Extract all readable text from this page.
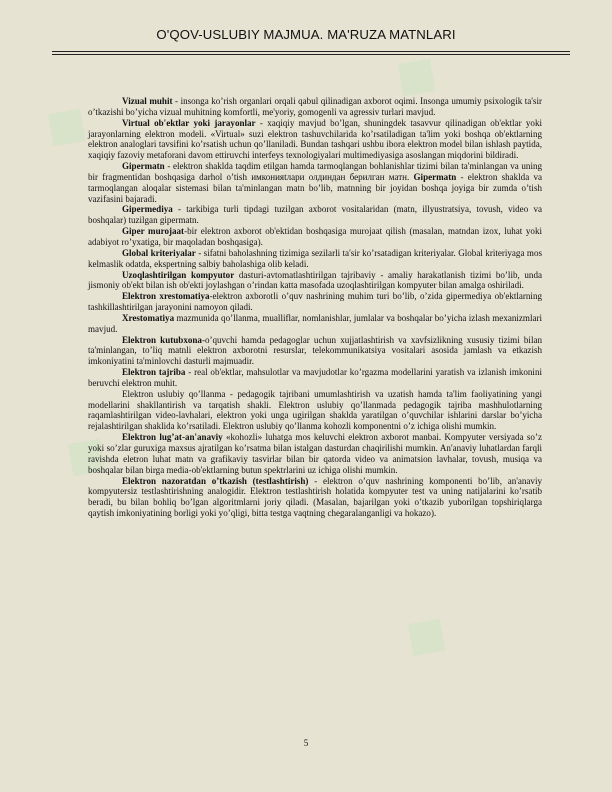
◆
◆
◆
◆
O'QOV-USLUBIY MAJMUA. MA'RUZA MATNLARI

Vizual muhit - insonga ko’rish organlari orqali qabul qilinadigan axborot oqimi. Insonga umumiy psixologik ta'sir o’tkazishi bo’yicha vizual muhitning komfortli, me'yoriy, gomogenli va agressiv turlari mavjud.

Virtual ob'ektlar yoki jarayonlar - xaqiqiy mavjud bo’lgan, shuningdek tasavvur qilinadigan ob'ektlar yoki jarayonlarning elektron modeli. «Virtual» suzi elektron tashuvchilarida ko’rsatiladigan ta'lim yoki boshqa ob'ektlarning elektron analoglari tavsifini ko’rsatish uchun qo’llaniladi. Bundan tashqari ushbu ibora elektron model bilan ishlash paytida, xaqiqiy fazoviy metaforani davom ettiruvchi interfeys texnologiyalari multimediyasiga asoslangan miqdorini bildiradi.

Gipermatn - elektron shaklda taqdim etilgan hamda tarmoqlangan bohlanishlar tizimi bilan ta'minlangan va uning bir fragmentidan boshqasiga darhol o’tish имконияtлари олдиндан берилган матн. Gipermatn - elektron shaklda va tarmoqlangan aloqalar sistemasi bilan ta'minlangan matn bo’lib, matnning bir joyidan boshqa joyiga bir zumda o’tish vazifasini bajaradi.

Gipermediya - tarkibiga turli tipdagi tuzilgan axborot vositalaridan (matn, illyustratsiya, tovush, video va boshqalar) tuzilgan gipermatn.

Giper murojaat-bir elektron axborot ob'ektidan boshqasiga murojaat qilish (masalan, matndan izox, luhat yoki adabiyot ro’yxatiga, bir maqoladan boshqasiga).

Global kriteriyalar - sifatni baholashning tizimiga sezilarli ta'sir ko’rsatadigan kriteriyalar. Global kriteriyaga mos kelmaslik odatda, ekspertning salbiy baholashiga olib keladi.

Uzoqlashtirilgan kompyutor dasturi-avtomatlashtirilgan tajribaviy - amaliy harakatlanish tizimi bo’lib, unda jismoniy ob'ekt bilan ish ob'ekti joylashgan o’rindan katta masofada uzoqlashtirilgan kompyuter bilan amalga oshiriladi.

Elektron xrestomatiya-elektron axborotli o’quv nashrining muhim turi bo’lib, o’zida gipermediya ob'ektlarning tashkillashtirilgan jarayonini namoyon qiladi.

Xrestomatiya mazmunida qo’llanma, mualliflar, nomlanishlar, jumlalar va boshqalar bo’yicha izlash mexanizmlari mavjud.

Elektron kutubxona-o’quvchi hamda pedagoglar uchun xujjatlashtirish va xavfsizlikning xususiy tizimi bilan ta'minlangan, to’liq matnli elektron axborotni resurslar, telekommunikatsiya vositalari asosida jamlash va etkazish imkoniyatini ta'minlovchi dasturli majmuadir.

Elektron tajriba - real ob'ektlar, mahsulotlar va mavjudotlar ko’rgazma modellarini yaratish va izlanish imkonini beruvchi elektron muhit.

Elektron uslubiy qo’llanma - pedagogik tajribani umumlashtirish va uzatish hamda ta'lim faoliyatining yangi modellarini shakllantirish va tarqatish shakli. Elektron uslubiy qo’llanmada pedagogik tajriba mashhulotlarning raqamlashtirilgan video-lavhalari, elektron yoki unga ugirilgan shaklda yaratilgan o’quvchilar ishlarini darslar bo’yicha rejalashtirilgan shaklida ko’rsatiladi. Elektron uslubiy qo’llanma kohozli komponentni o’z ichiga olishi mumkin.

Elektron lug’at-an'anaviy «kohozli» luhatga mos keluvchi elektron axborot manbai. Kompyuter versiyada so’z yoki so’zlar guruxiga maxsus ajratilgan ko’rsatma bilan istalgan dasturdan chaqirilishi mumkin. An'anaviy luhatlardan farqli ravishda eletron luhat matn va grafikaviy tasvirlar bilan bir qatorda video va animatsion lavhalar, tovush, musiqa va boshqalar bilan birga media-ob'ektlarning butun spektrlarini uz ichiga olishi mumkin.

Elektron nazoratdan o’tkazish (testlashtirish) - elektron o’quv nashrining komponenti bo’lib, an'anaviy kompyutersiz testlashtirishning analogidir. Elektron testlashtirish holatida kompyuter test va uning natijalarini ko’rsatib beradi, bu bilan bohliq bo’lgan algoritmlarni joriy qiladi. (Masalan, bajarilgan yoki o’tkazib yuborilgan topshiriqlarga qaytish imkoniyatining borligi yoki yo’qligi, bitta testga vaqtning chegaralanganligi va hokazo).

5
